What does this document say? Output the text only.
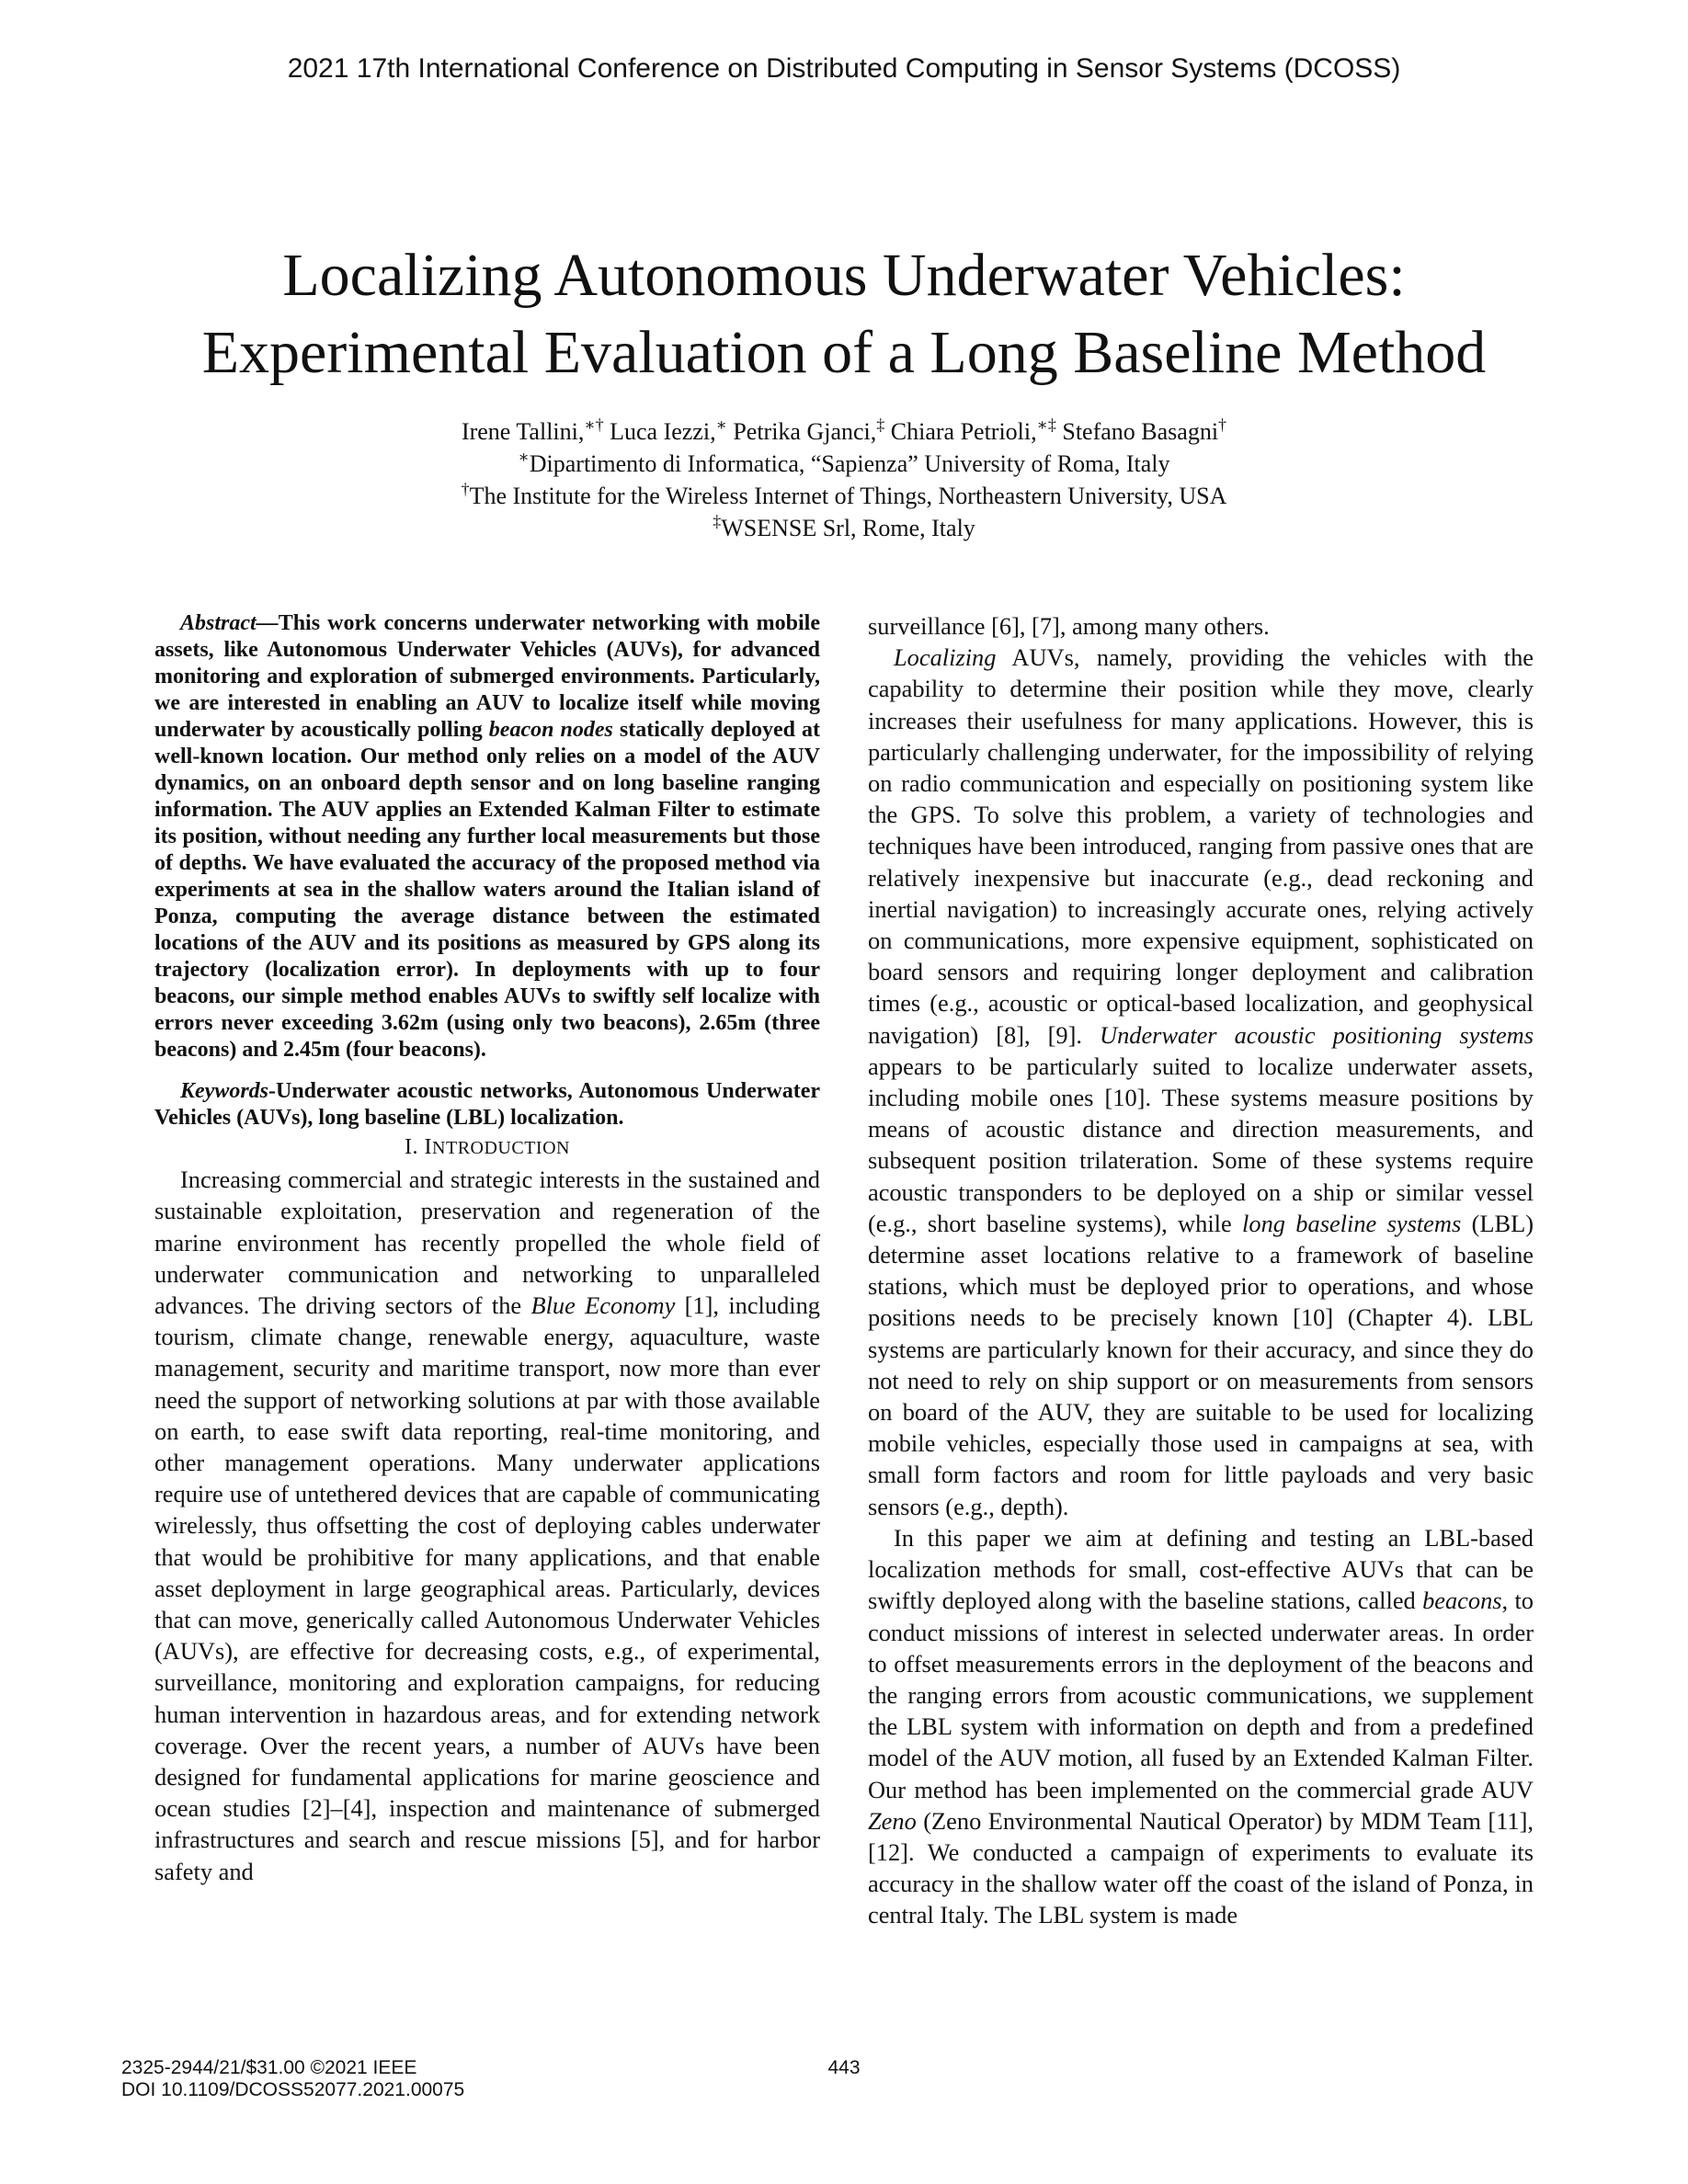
2021 17th International Conference on Distributed Computing in Sensor Systems (DCOSS)
Localizing Autonomous Underwater Vehicles:
Experimental Evaluation of a Long Baseline Method
Irene Tallini,∗† Luca Iezzi,∗ Petrika Gjanci,‡ Chiara Petrioli,∗‡ Stefano Basagni†
∗Dipartimento di Informatica, “Sapienza” University of Roma, Italy
†The Institute for the Wireless Internet of Things, Northeastern University, USA
‡WSENSE Srl, Rome, Italy

Abstract—This work concerns underwater networking with mobile assets, like Autonomous Underwater Vehicles (AUVs), for advanced monitoring and exploration of submerged environments. Particularly, we are interested in enabling an AUV to localize itself while moving underwater by acoustically polling beacon nodes statically deployed at well-known location. Our method only relies on a model of the AUV dynamics, on an onboard depth sensor and on long baseline ranging information. The AUV applies an Extended Kalman Filter to estimate its position, without needing any further local measurements but those of depths. We have evaluated the accuracy of the proposed method via experiments at sea in the shallow waters around the Italian island of Ponza, computing the average distance between the estimated locations of the AUV and its positions as measured by GPS along its trajectory (localization error). In deployments with up to four beacons, our simple method enables AUVs to swiftly self localize with errors never exceeding 3.62m (using only two beacons), 2.65m (three beacons) and 2.45m (four beacons).

Keywords-Underwater acoustic networks, Autonomous Underwater Vehicles (AUVs), long baseline (LBL) localization.

I. INTRODUCTION

Increasing commercial and strategic interests in the sustained and sustainable exploitation, preservation and regeneration of the marine environment has recently propelled the whole field of underwater communication and networking to unparalleled advances. The driving sectors of the Blue Economy [1], including tourism, climate change, renewable energy, aquaculture, waste management, security and maritime transport, now more than ever need the support of networking solutions at par with those available on earth, to ease swift data reporting, real-time monitoring, and other management operations. Many underwater applications require use of untethered devices that are capable of communicating wirelessly, thus offsetting the cost of deploying cables underwater that would be prohibitive for many applications, and that enable asset deployment in large geographical areas. Particularly, devices that can move, generically called Autonomous Underwater Vehicles (AUVs), are effective for decreasing costs, e.g., of experimental, surveillance, monitoring and exploration campaigns, for reducing human intervention in hazardous areas, and for extending network coverage. Over the recent years, a number of AUVs have been designed for fundamental applications for marine geoscience and ocean studies [2]–[4], inspection and maintenance of submerged infrastructures and search and rescue missions [5], and for harbor safety and

surveillance [6], [7], among many others.

Localizing AUVs, namely, providing the vehicles with the capability to determine their position while they move, clearly increases their usefulness for many applications. However, this is particularly challenging underwater, for the impossibility of relying on radio communication and especially on positioning system like the GPS. To solve this problem, a variety of technologies and techniques have been introduced, ranging from passive ones that are relatively inexpensive but inaccurate (e.g., dead reckoning and inertial navigation) to increasingly accurate ones, relying actively on communications, more expensive equipment, sophisticated on board sensors and requiring longer deployment and calibration times (e.g., acoustic or optical-based localization, and geophysical navigation) [8], [9]. Underwater acoustic positioning systems appears to be particularly suited to localize underwater assets, including mobile ones [10]. These systems measure positions by means of acoustic distance and direction measurements, and subsequent position trilateration. Some of these systems require acoustic transponders to be deployed on a ship or similar vessel (e.g., short baseline systems), while long baseline systems (LBL) determine asset locations relative to a framework of baseline stations, which must be deployed prior to operations, and whose positions needs to be precisely known [10] (Chapter 4). LBL systems are particularly known for their accuracy, and since they do not need to rely on ship support or on measurements from sensors on board of the AUV, they are suitable to be used for localizing mobile vehicles, especially those used in campaigns at sea, with small form factors and room for little payloads and very basic sensors (e.g., depth).

In this paper we aim at defining and testing an LBL-based localization methods for small, cost-effective AUVs that can be swiftly deployed along with the baseline stations, called beacons, to conduct missions of interest in selected underwater areas. In order to offset measurements errors in the deployment of the beacons and the ranging errors from acoustic communications, we supplement the LBL system with information on depth and from a predefined model of the AUV motion, all fused by an Extended Kalman Filter. Our method has been implemented on the commercial grade AUV Zeno (Zeno Environmental Nautical Operator) by MDM Team [11], [12]. We conducted a campaign of experiments to evaluate its accuracy in the shallow water off the coast of the island of Ponza, in central Italy. The LBL system is made

2325-2944/21/$31.00 ©2021 IEEE
DOI 10.1109/DCOSS52077.2021.00075
443
